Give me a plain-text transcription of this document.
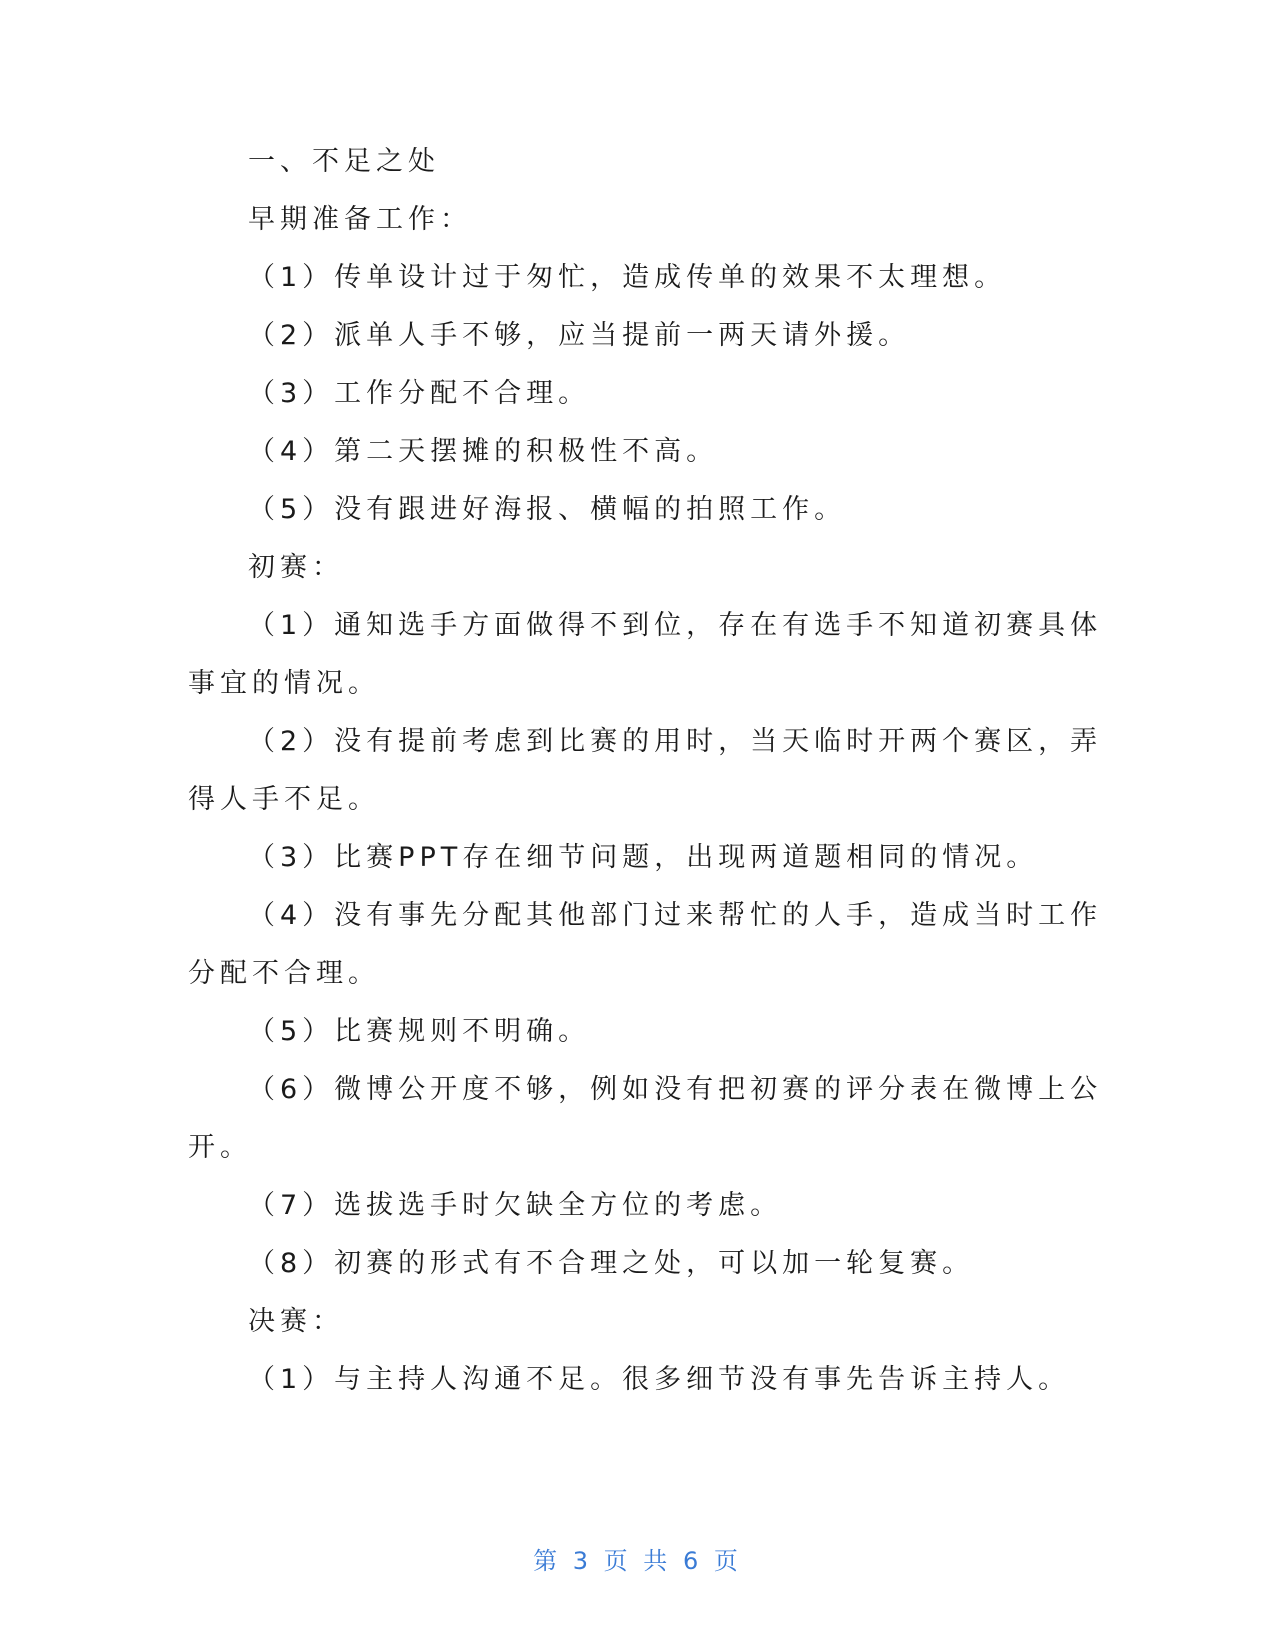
一、不足之处
早期准备工作：
（1）传单设计过于匆忙，造成传单的效果不太理想。
（2）派单人手不够，应当提前一两天请外援。
（3）工作分配不合理。
（4）第二天摆摊的积极性不高。
（5）没有跟进好海报、横幅的拍照工作。
初赛：
（1）通知选手方面做得不到位，存在有选手不知道初赛具体
事宜的情况。
（2）没有提前考虑到比赛的用时，当天临时开两个赛区，弄
得人手不足。
（3）比赛PPT存在细节问题，出现两道题相同的情况。
（4）没有事先分配其他部门过来帮忙的人手，造成当时工作
分配不合理。
（5）比赛规则不明确。
（6）微博公开度不够，例如没有把初赛的评分表在微博上公
开。
（7）选拔选手时欠缺全方位的考虑。
（8）初赛的形式有不合理之处，可以加一轮复赛。
决赛：
（1）与主持人沟通不足。很多细节没有事先告诉主持人。
第 3 页 共 6 页
